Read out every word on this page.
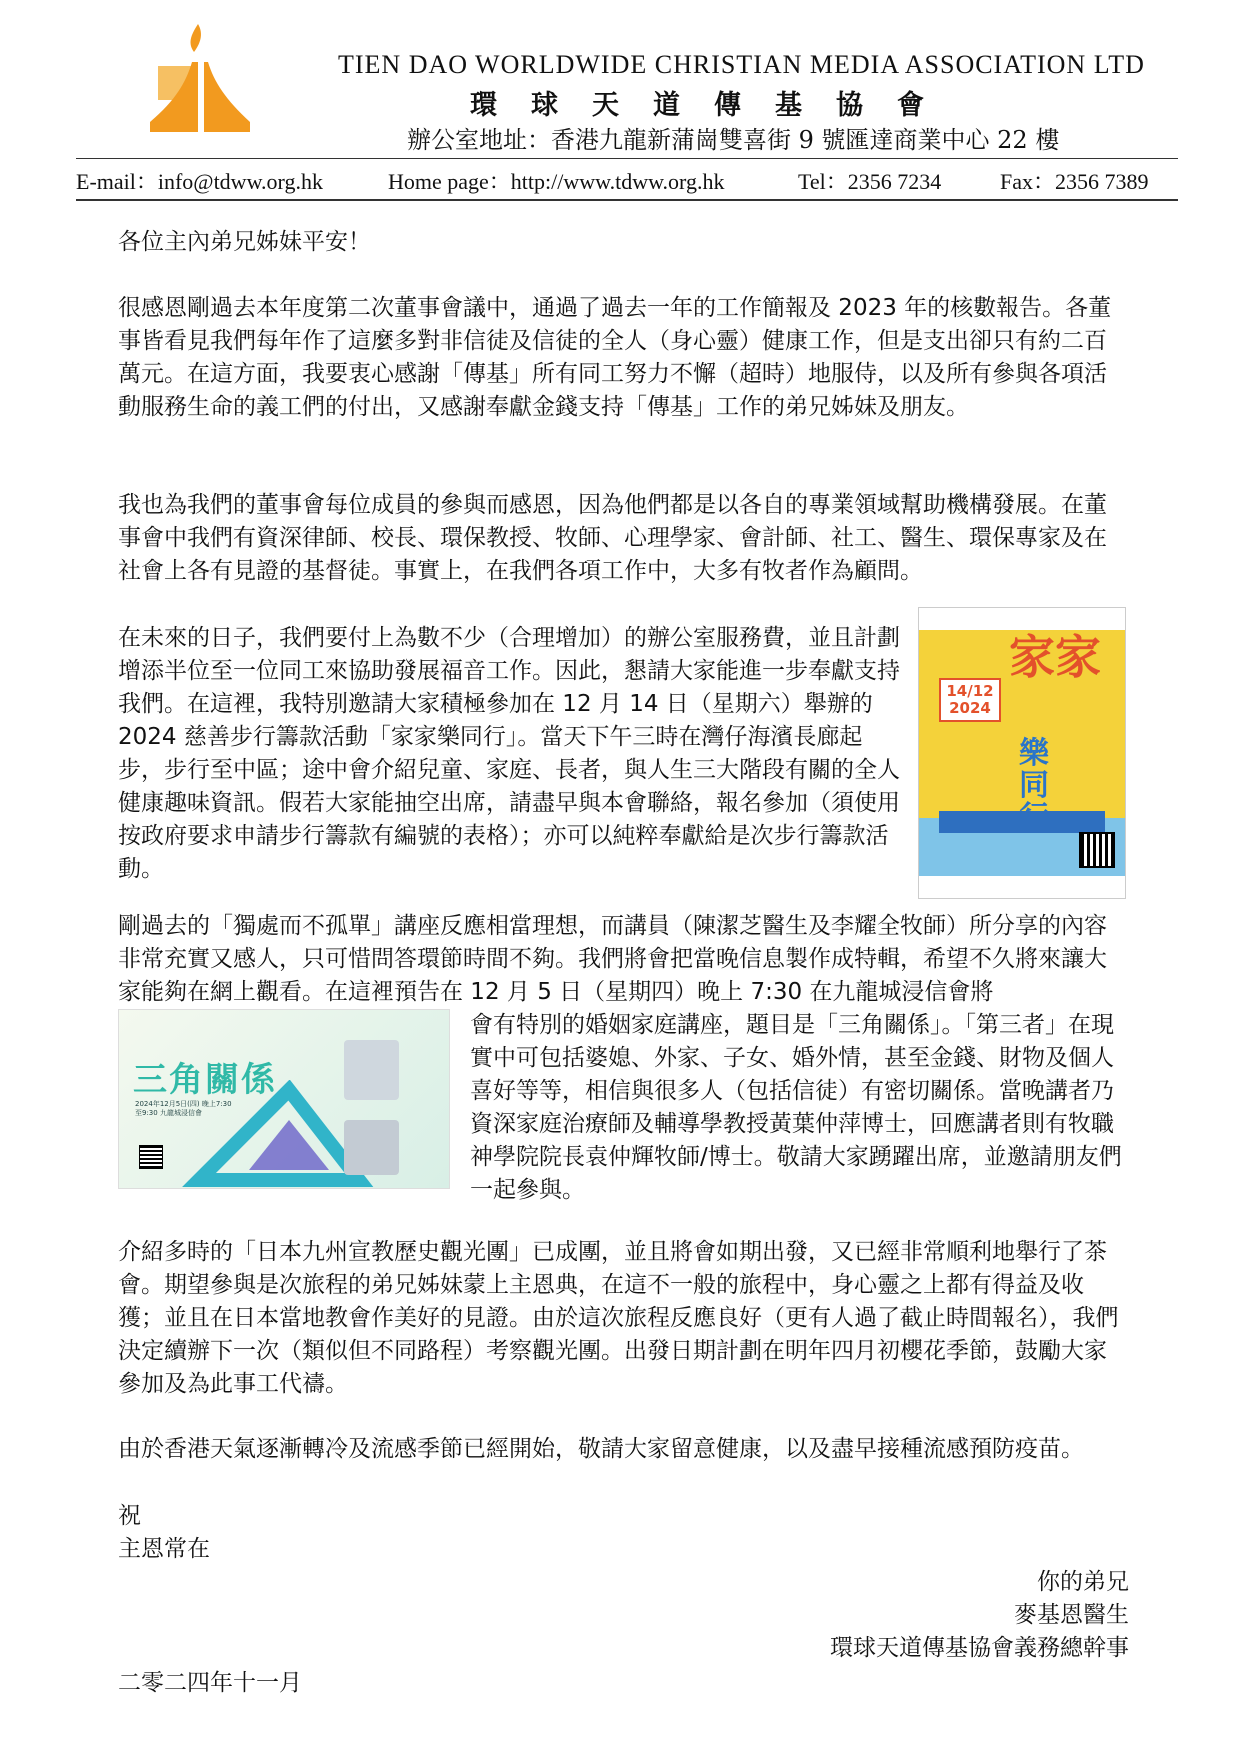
TIEN DAO WORLDWIDE CHRISTIAN MEDIA ASSOCIATION LTD
環球天道傳基協會
辦公室地址：香港九龍新蒲崗雙喜街 9 號匯達商業中心 22 樓
E-mail：info@tdww.org.hk	Home page：http://www.tdww.org.hk	Tel：2356 7234	Fax：2356 7389
各位主內弟兄姊妹平安！
很感恩剛過去本年度第二次董事會議中，通過了過去一年的工作簡報及 2023 年的核數報告。各董事皆看見我們每年作了這麼多對非信徒及信徒的全人（身心靈）健康工作，但是支出卻只有約二百萬元。在這方面，我要衷心感謝「傳基」所有同工努力不懈（超時）地服侍，以及所有參與各項活動服務生命的義工們的付出，又感謝奉獻金錢支持「傳基」工作的弟兄姊妹及朋友。
我也為我們的董事會每位成員的參與而感恩，因為他們都是以各自的專業領域幫助機構發展。在董事會中我們有資深律師、校長、環保教授、牧師、心理學家、會計師、社工、醫生、環保專家及在社會上各有見證的基督徒。事實上，在我們各項工作中，大多有牧者作為顧問。
在未來的日子，我們要付上為數不少（合理增加）的辦公室服務費，並且計劃增添半位至一位同工來協助發展福音工作。因此，懇請大家能進一步奉獻支持我們。在這裡，我特別邀請大家積極參加在 12 月 14 日（星期六）舉辦的 2024 慈善步行籌款活動「家家樂同行」。當天下午三時在灣仔海濱長廊起步，步行至中區；途中會介紹兒童、家庭、長者，與人生三大階段有關的全人健康趣味資訊。假若大家能抽空出席，請盡早與本會聯絡，報名參加（須使用按政府要求申請步行籌款有編號的表格）；亦可以純粹奉獻給是次步行籌款活動。
家家
14/12 2024
樂同
剛過去的「獨處而不孤單」講座反應相當理想，而講員（陳潔芝醫生及李耀全牧師）所分享的內容非常充實又感人，只可惜問答環節時間不夠。我們將會把當晚信息製作成特輯，希望不久將來讓大家能夠在網上觀看。在這裡預告在 12 月 5 日（星期四）晚上 7:30 在九龍城浸信會將
三角關係
2024年12月5日(四) 晚上7:30至9:30 九龍城浸信會
會有特別的婚姻家庭講座，題目是「三角關係」。「第三者」在現實中可包括婆媳、外家、子女、婚外情，甚至金錢、財物及個人喜好等等，相信與很多人（包括信徒）有密切關係。當晚講者乃資深家庭治療師及輔導學教授黃葉仲萍博士，回應講者則有牧職神學院院長袁仲輝牧師/博士。敬請大家踴躍出席，並邀請朋友們一起參與。
介紹多時的「日本九州宣教歷史觀光團」已成團，並且將會如期出發，又已經非常順利地舉行了茶會。期望參與是次旅程的弟兄姊妹蒙上主恩典，在這不一般的旅程中，身心靈之上都有得益及收獲；並且在日本當地教會作美好的見證。由於這次旅程反應良好（更有人過了截止時間報名），我們決定續辦下一次（類似但不同路程）考察觀光團。出發日期計劃在明年四月初櫻花季節，鼓勵大家參加及為此事工代禱。
由於香港天氣逐漸轉冷及流感季節已經開始，敬請大家留意健康，以及盡早接種流感預防疫苗。
祝
主恩常在
你的弟兄
麥基恩醫生
環球天道傳基協會義務總幹事
二零二四年十一月
